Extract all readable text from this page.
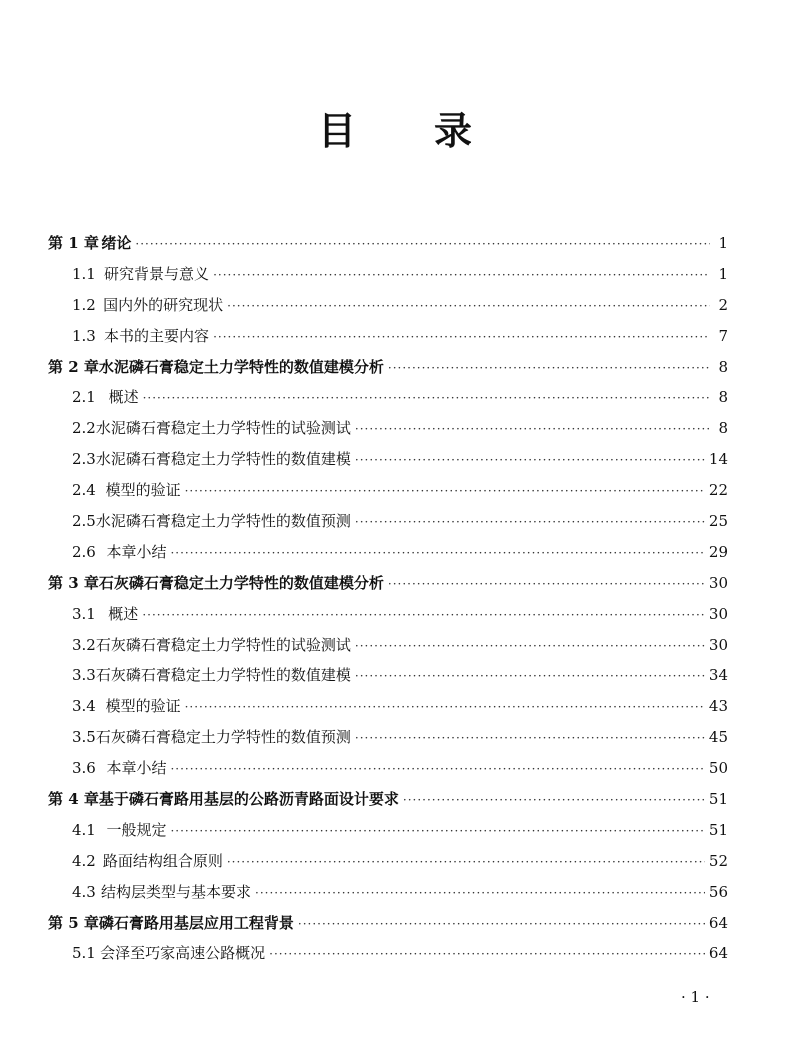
目 录
第 1 章 绪论 ·····	1
1.1 研究背景与意义 ·····	1
1.2 国内外的研究现状 ·····	2
1.3 本书的主要内容 ·····	7
第 2 章 水泥磷石膏稳定土力学特性的数值建模分析 ·····	8
2.1 概述 ·····	8
2.2 水泥磷石膏稳定土力学特性的试验测试 ·····	8
2.3 水泥磷石膏稳定土力学特性的数值建模 ·····	14
2.4 模型的验证 ·····	22
2.5 水泥磷石膏稳定土力学特性的数值预测 ·····	25
2.6 本章小结 ·····	29
第 3 章 石灰磷石膏稳定土力学特性的数值建模分析 ·····	30
3.1 概述 ·····	30
3.2 石灰磷石膏稳定土力学特性的试验测试 ·····	30
3.3 石灰磷石膏稳定土力学特性的数值建模 ·····	34
3.4 模型的验证 ·····	43
3.5 石灰磷石膏稳定土力学特性的数值预测 ·····	45
3.6 本章小结 ·····	50
第 4 章 基于磷石膏路用基层的公路沥青路面设计要求 ·····	51
4.1 一般规定 ·····	51
4.2 路面结构组合原则 ·····	52
4.3 结构层类型与基本要求 ·····	56
第 5 章 磷石膏路用基层应用工程背景 ·····	64
5.1 会泽至巧家高速公路概况 ·····	64
· 1 ·
